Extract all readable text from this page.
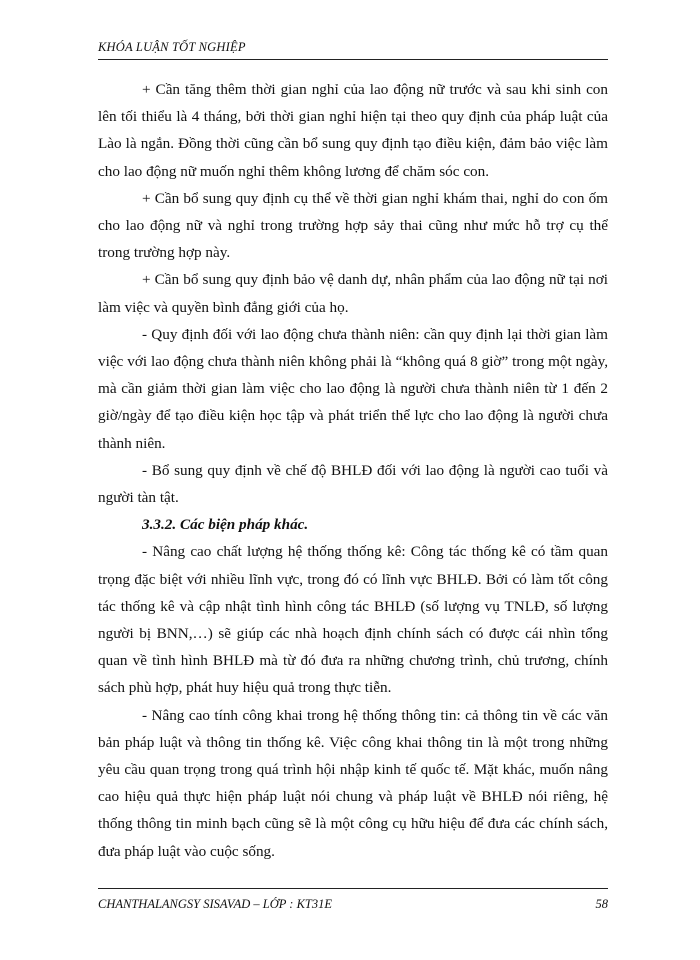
KHÓA LUẬN TỐT NGHIỆP

+ Cần tăng thêm thời gian nghỉ của lao động nữ trước và sau khi sinh con lên tối thiểu là 4 tháng, bởi thời gian nghỉ hiện tại theo quy định của pháp luật của Lào là ngắn. Đồng thời cũng cần bổ sung quy định tạo điều kiện, đảm bảo việc làm cho lao động nữ muốn nghỉ thêm không lương để chăm sóc con.

+ Cần bổ sung quy định cụ thể về thời gian nghỉ khám thai, nghỉ do con ốm cho lao động nữ và nghỉ trong trường hợp sảy thai cũng như mức hỗ trợ cụ thể trong trường hợp này.

+ Cần bổ sung quy định bảo vệ danh dự, nhân phẩm của lao động nữ tại nơi làm việc và quyền bình đẳng giới của họ.

- Quy định đối với lao động chưa thành niên: cần quy định lại thời gian làm việc với lao động chưa thành niên không phải là “không quá 8 giờ” trong một ngày, mà cần giảm thời gian làm việc cho lao động là người chưa thành niên từ 1 đến 2 giờ/ngày để tạo điều kiện học tập và phát triển thể lực cho lao động là người chưa thành niên.

- Bổ sung quy định về chế độ BHLĐ đối với lao động là người cao tuổi và người tàn tật.

3.3.2. Các biện pháp khác.

- Nâng cao chất lượng hệ thống thống kê: Công tác thống kê có tầm quan trọng đặc biệt với nhiều lĩnh vực, trong đó có lĩnh vực BHLĐ. Bởi có làm tốt công tác thống kê và cập nhật tình hình công tác BHLĐ (số lượng vụ TNLĐ, số lượng người bị BNN,…) sẽ giúp các nhà hoạch định chính sách có được cái nhìn tổng quan về tình hình BHLĐ mà từ đó đưa ra những chương trình, chủ trương, chính sách phù hợp, phát huy hiệu quả trong thực tiễn.

- Nâng cao tính công khai trong hệ thống thông tin: cả thông tin về các văn bản pháp luật và thông tin thống kê. Việc công khai thông tin là một trong những yêu cầu quan trọng trong quá trình hội nhập kinh tế quốc tế. Mặt khác, muốn nâng cao hiệu quả thực hiện pháp luật nói chung và pháp luật về BHLĐ nói riêng, hệ thống thông tin minh bạch cũng sẽ là một công cụ hữu hiệu để đưa các chính sách, đưa pháp luật vào cuộc sống.

CHANTHALANGSY SISAVAD – LỚP : KT31E	58
